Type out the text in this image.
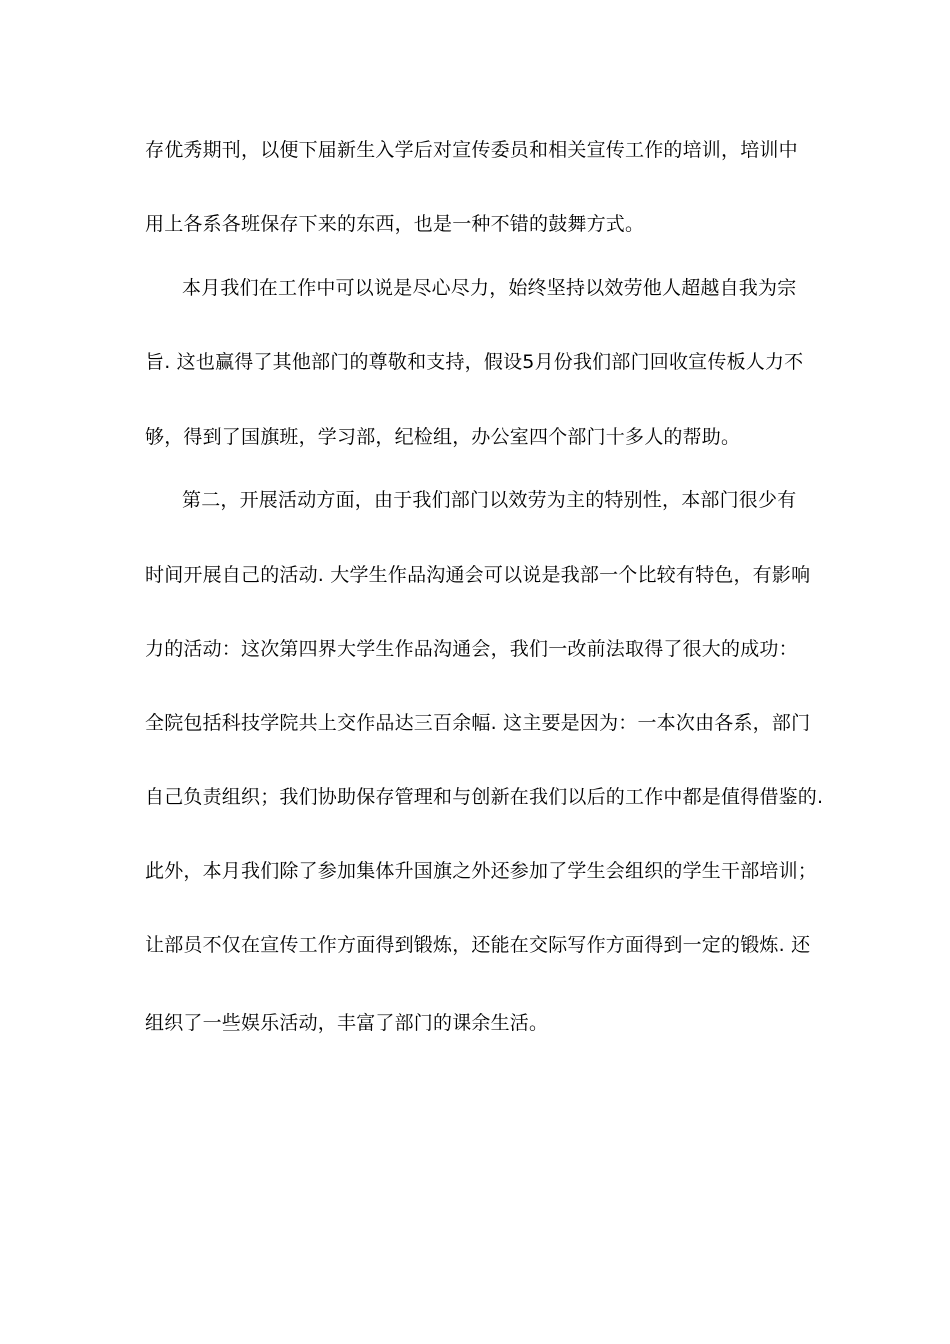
存优秀期刊，以便下届新生入学后对宣传委员和相关宣传工作的培训，培训中
用上各系各班保存下来的东西，也是一种不错的鼓舞方式。
本月我们在工作中可以说是尽心尽力，始终坚持以效劳他人超越自我为宗
旨. 这也赢得了其他部门的尊敬和支持，假设5月份我们部门回收宣传板人力不
够，得到了国旗班，学习部，纪检组，办公室四个部门十多人的帮助。
第二，开展活动方面，由于我们部门以效劳为主的特别性，本部门很少有
时间开展自己的活动. 大学生作品沟通会可以说是我部一个比较有特色，有影响
力的活动：这次第四界大学生作品沟通会，我们一改前法取得了很大的成功：
全院包括科技学院共上交作品达三百余幅. 这主要是因为：一本次由各系，部门
自己负责组织；我们协助保存管理和与创新在我们以后的工作中都是值得借鉴的.
此外，本月我们除了参加集体升国旗之外还参加了学生会组织的学生干部培训；
让部员不仅在宣传工作方面得到锻炼，还能在交际写作方面得到一定的锻炼. 还
组织了一些娱乐活动，丰富了部门的课余生活。
